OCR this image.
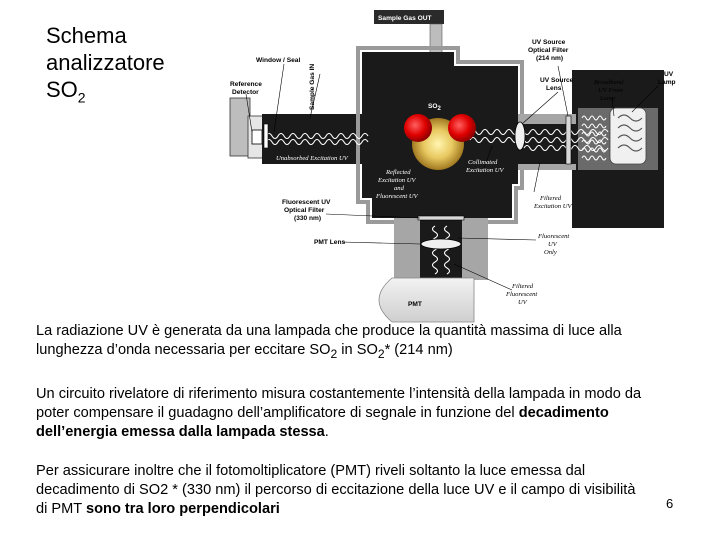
Schema
analizzatore
$SO_2$
PMT
Sample Gas OUT
Sample Gas IN
Window / Seal
Reference
Detector
UV Source
Optical Filter
(214 nm)
UV Source
Lens
Broadband
UV From
Lamp
UV
Lamp
SO2
Unabsorbed Excitation UV
Collimated
Excitation UV
Reflected
Excitation UV
and
Fluorescent UV	Filtered
Excitation UV
Fluorescent UV
Optical Filter
(330 nm)
PMT Lens
Fluorescent
UV
Only
Filtered
Fluorescent
UV
La radiazione UV è generata da una lampada che produce la quantità massima di luce alla lunghezza d’onda necessaria per eccitare $SO_2$ in $SO_2*$ (214 nm)
Un circuito rivelatore di riferimento misura costantemente l’intensità della lampada in modo da poter compensare il guadagno dell’amplificatore di segnale in funzione del decadimento dell’energia emessa dalla lampada stessa.
Per assicurare inoltre che il fotomoltiplicatore (PMT) riveli soltanto la luce emessa dal decadimento di SO2 * (330 nm) il percorso di eccitazione della luce UV e il campo di visibilità di PMT sono tra loro perpendicolari	6
